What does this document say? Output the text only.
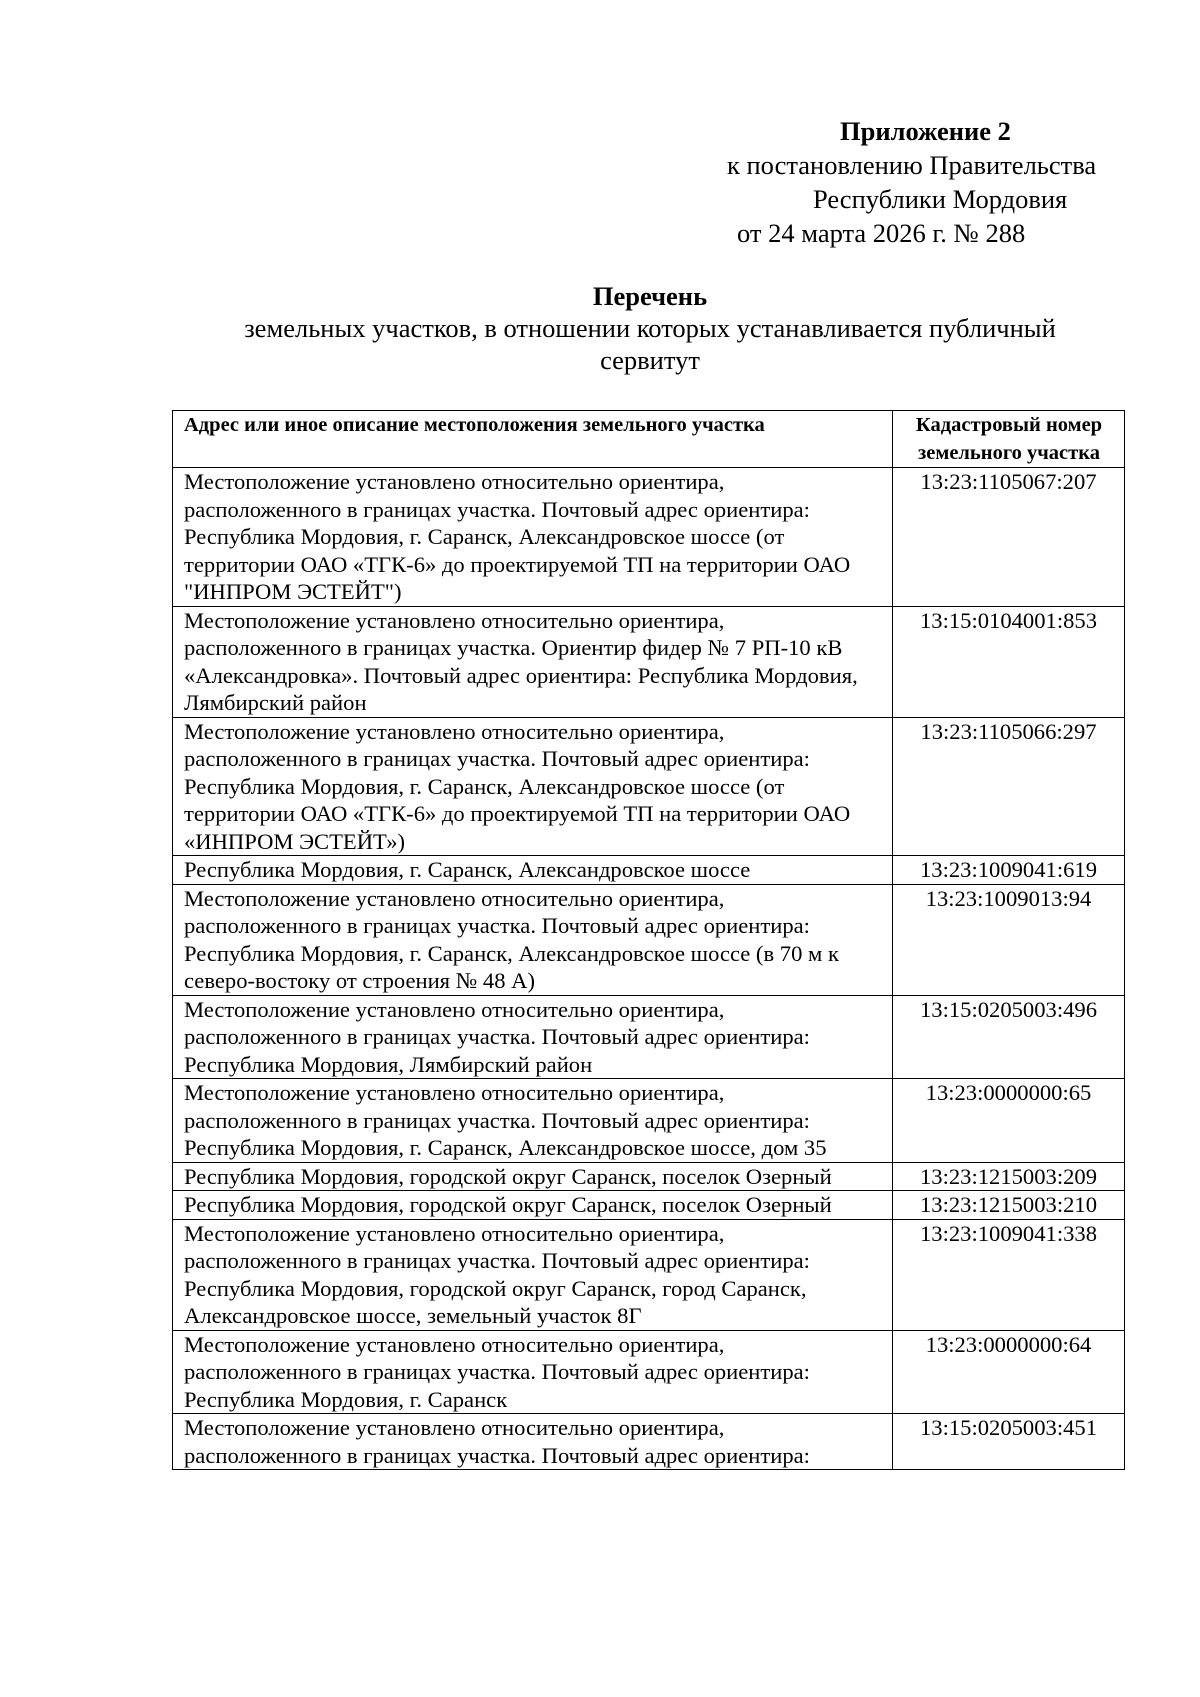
Приложение 2
к постановлению Правительства
Республики Мордовия
от 24 марта 2026 г. № 288
Перечень
земельных участков, в отношении которых устанавливается публичный сервитут
Адрес или иное описание местоположения земельного участка	Кадастровый номер земельного участка
Местоположение установлено относительно ориентира, расположенного в границах участка. Почтовый адрес ориентира: Республика Мордовия, г. Саранск, Александровское шоссе (от территории ОАО «ТГК-6» до проектируемой ТП на территории ОАО "ИНПРОМ ЭСТЕЙТ")	13:23:1105067:207
Местоположение установлено относительно ориентира, расположенного в границах участка. Ориентир фидер № 7 РП-10 кВ «Александровка». Почтовый адрес ориентира: Республика Мордовия, Лямбирский район	13:15:0104001:853
Местоположение установлено относительно ориентира, расположенного в границах участка. Почтовый адрес ориентира: Республика Мордовия, г. Саранск, Александровское шоссе (от территории ОАО «ТГК-6» до проектируемой ТП на территории ОАО «ИНПРОМ ЭСТЕЙТ»)	13:23:1105066:297
Республика Мордовия, г. Саранск, Александровское шоссе	13:23:1009041:619
Местоположение установлено относительно ориентира, расположенного в границах участка. Почтовый адрес ориентира: Республика Мордовия, г. Саранск, Александровское шоссе (в 70 м к северо-востоку от строения № 48 А)	13:23:1009013:94
Местоположение установлено относительно ориентира, расположенного в границах участка. Почтовый адрес ориентира: Республика Мордовия, Лямбирский район	13:15:0205003:496
Местоположение установлено относительно ориентира, расположенного в границах участка. Почтовый адрес ориентира: Республика Мордовия, г. Саранск, Александровское шоссе, дом 35	13:23:0000000:65
Республика Мордовия, городской округ Саранск, поселок Озерный	13:23:1215003:209
Республика Мордовия, городской округ Саранск, поселок Озерный	13:23:1215003:210
Местоположение установлено относительно ориентира, расположенного в границах участка. Почтовый адрес ориентира: Республика Мордовия, городской округ Саранск, город Саранск, Александровское шоссе, земельный участок 8Г	13:23:1009041:338
Местоположение установлено относительно ориентира, расположенного в границах участка. Почтовый адрес ориентира: Республика Мордовия, г. Саранск	13:23:0000000:64
Местоположение установлено относительно ориентира, расположенного в границах участка. Почтовый адрес ориентира:	13:15:0205003:451
